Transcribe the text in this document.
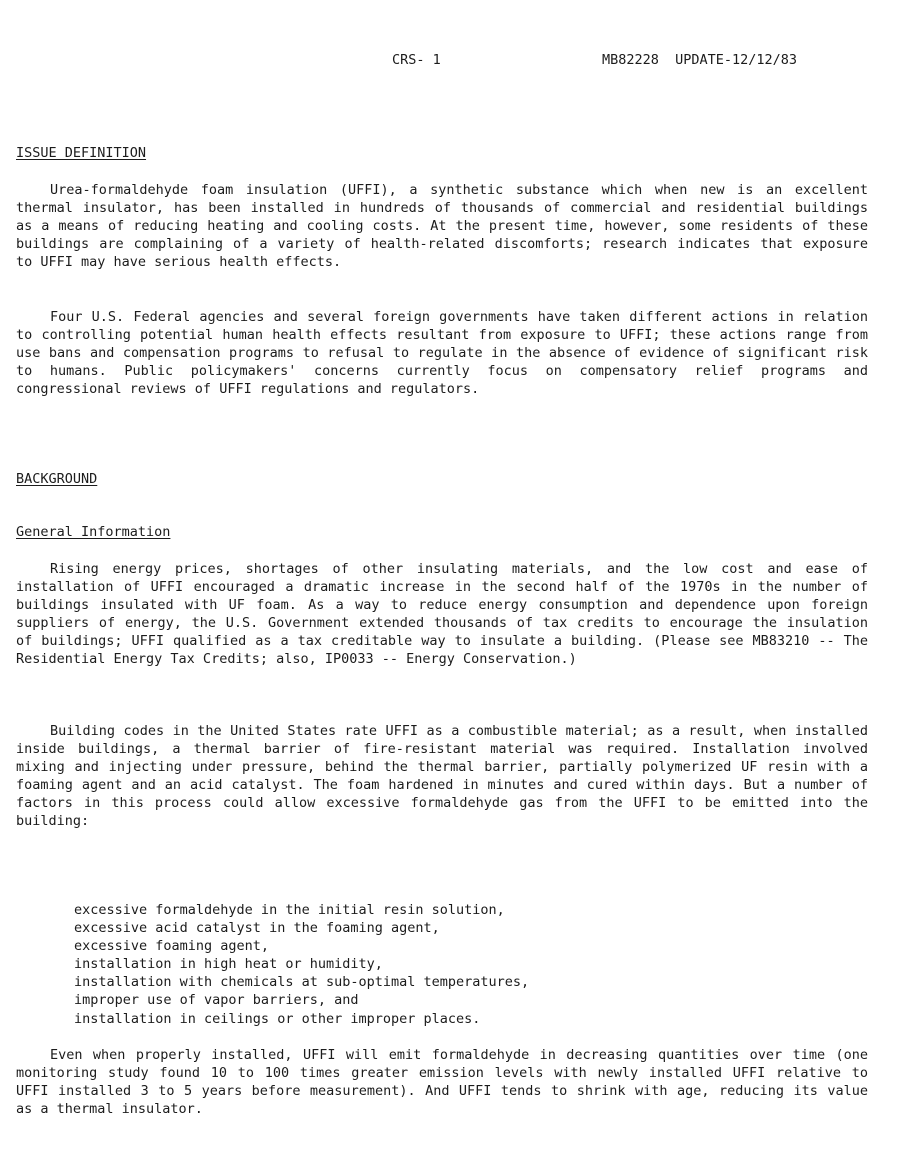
CRS- 1	MB82228  UPDATE-12/12/83
ISSUE DEFINITION

Urea-formaldehyde foam insulation (UFFI), a synthetic substance which when new is an excellent thermal insulator, has been installed in hundreds of thousands of commercial and residential buildings as a means of reducing heating and cooling costs. At the present time, however, some residents of these buildings are complaining of a variety of health-related discomforts; research indicates that exposure to UFFI may have serious health effects.

Four U.S. Federal agencies and several foreign governments have taken different actions in relation to controlling potential human health effects resultant from exposure to UFFI; these actions range from use bans and compensation programs to refusal to regulate in the absence of evidence of significant risk to humans. Public policymakers' concerns currently focus on compensatory relief programs and congressional reviews of UFFI regulations and regulators.

BACKGROUND
General Information

Rising energy prices, shortages of other insulating materials, and the low cost and ease of installation of UFFI encouraged a dramatic increase in the second half of the 1970s in the number of buildings insulated with UF foam. As a way to reduce energy consumption and dependence upon foreign suppliers of energy, the U.S. Government extended thousands of tax credits to encourage the insulation of buildings; UFFI qualified as a tax creditable way to insulate a building. (Please see MB83210 -- The Residential Energy Tax Credits; also, IP0033 -- Energy Conservation.)

Building codes in the United States rate UFFI as a combustible material; as a result, when installed inside buildings, a thermal barrier of fire-resistant material was required. Installation involved mixing and injecting under pressure, behind the thermal barrier, partially polymerized UF resin with a foaming agent and an acid catalyst. The foam hardened in minutes and cured within days. But a number of factors in this process could allow excessive formaldehyde gas from the UFFI to be emitted into the building:

excessive formaldehyde in the initial resin solution,
excessive acid catalyst in the foaming agent,
excessive foaming agent,
installation in high heat or humidity,
installation with chemicals at sub-optimal temperatures,
improper use of vapor barriers, and
installation in ceilings or other improper places.

Even when properly installed, UFFI will emit formaldehyde in decreasing quantities over time (one monitoring study found 10 to 100 times greater emission levels with newly installed UFFI relative to UFFI installed 3 to 5 years before measurement). And UFFI tends to shrink with age, reducing its value as a thermal insulator.
